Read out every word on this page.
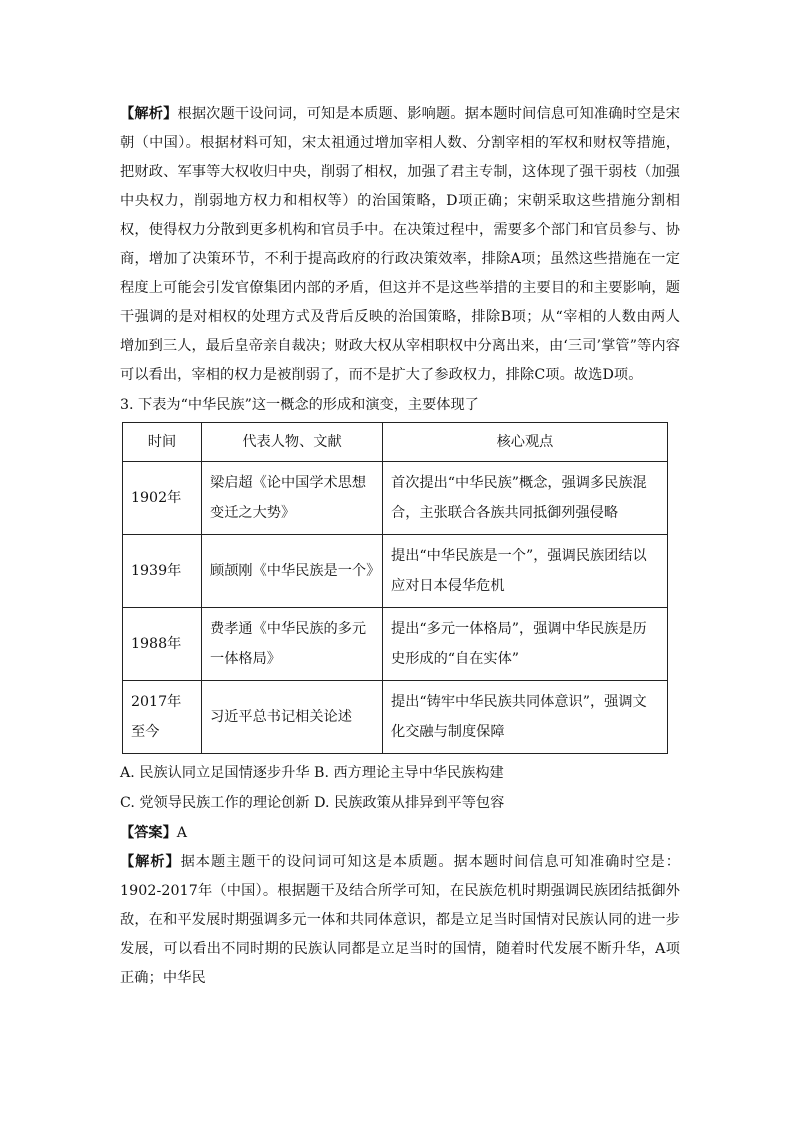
【解析】根据次题干设问词，可知是本质题、影响题。据本题时间信息可知准确时空是宋朝（中国）。根据材料可知，宋太祖通过增加宰相人数、分割宰相的军权和财权等措施，把财政、军事等大权收归中央，削弱了相权，加强了君主专制，这体现了强干弱枝（加强中央权力，削弱地方权力和相权等）的治国策略，D项正确；宋朝采取这些措施分割相权，使得权力分散到更多机构和官员手中。在决策过程中，需要多个部门和官员参与、协商，增加了决策环节，不利于提高政府的行政决策效率，排除A项；虽然这些措施在一定程度上可能会引发官僚集团内部的矛盾，但这并不是这些举措的主要目的和主要影响，题干强调的是对相权的处理方式及背后反映的治国策略，排除B项；从“宰相的人数由两人增加到三人，最后皇帝亲自裁决；财政大权从宰相职权中分离出来，由‘三司’掌管”等内容可以看出，宰相的权力是被削弱了，而不是扩大了参政权力，排除C项。故选D项。

3. 下表为“中华民族”这一概念的形成和演变，主要体现了

时间	代表人物、文献	核心观点
1902年	梁启超《论中国学术思想变迁之大势》	首次提出“中华民族”概念，强调多民族混合，主张联合各族共同抵御列强侵略
1939年	顾颉刚《中华民族是一个》	提出“中华民族是一个”，强调民族团结以应对日本侵华危机
1988年	费孝通《中华民族的多元一体格局》	提出“多元一体格局”，强调中华民族是历史形成的“自在实体”
2017年至今	习近平总书记相关论述	提出“铸牢中华民族共同体意识”，强调文化交融与制度保障

A. 民族认同立足国情逐步升华 B. 西方理论主导中华民族构建

C. 党领导民族工作的理论创新 D. 民族政策从排异到平等包容

【答案】A

【解析】据本题主题干的设问词可知这是本质题。据本题时间信息可知准确时空是：1902-2017年（中国）。根据题干及结合所学可知，在民族危机时期强调民族团结抵御外敌，在和平发展时期强调多元一体和共同体意识，都是立足当时国情对民族认同的进一步发展，可以看出不同时期的民族认同都是立足当时的国情，随着时代发展不断升华，A项正确；中华民
